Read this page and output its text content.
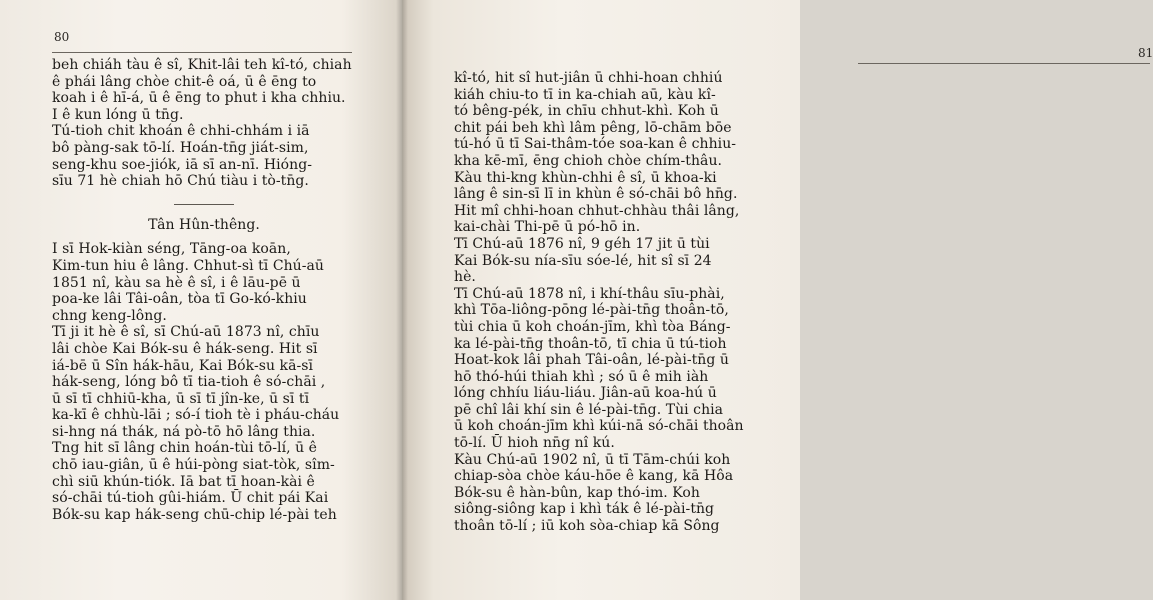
80
beh chiáh tàu ê sî, Khit-lâi teh kî-tó, chiah
ê phái lâng chòe chit-ê oá, ū ê ēng to
koah i ê hī-á, ū ê ēng to phut i kha chhiu.
I ê kun lóng ū tn̄g.
Tú-tioh chit khoán ê chhi-chhám i iā
bô pàng-sak tō-lí. Hoán-tn̄g jiát-sim,
seng-khu soe-jiók, iā sī an-nī. Hióng-
sīu 71 hè chiah hō Chú tiàu i tò-tn̄g.
Tân Hûn-thêng.
I sī Hok-kiàn séng, Tāng-oa koān,
Kim-tun hiu ê lâng. Chhut-sì tī Chú-aū
1851 nî, kàu sa hè ê sî, i ê lāu-pē ū
poa-ke lâi Tâi-oân, tòa tī Go-kó-khiu
chng keng-lông.
Tī ji it hè ê sî, sī Chú-aū 1873 nî, chīu
lâi chòe Kai Bók-su ê hák-seng. Hit sī
iá-bē ū Sîn hák-hāu, Kai Bók-su kā-sī
hák-seng, lóng bô tī tia-tioh ê só-chāi ,
ū sī tī chhiū-kha, ū sī tī jîn-ke, ū sī tī
ka-kī ê chhù-lāi ; só-í tioh tè i pháu-cháu
si-hng ná thák, ná pò-tō hō lâng thia.
Tng hit sī lâng chin hoán-tùi tō-lí, ū ê
chō iau-giân, ū ê húi-pòng siat-tòk, sîm-
chì siū khún-tiók. Iā bat tī hoan-kài ê
só-chāi tú-tioh gûi-hiám. Ū chit pái Kai
Bók-su kap hák-seng chū-chip lé-pài teh
81
kî-tó, hit sî hut-jiân ū chhi-hoan chhiú
kiáh chiu-to tī in ka-chiah aū, kàu kî-
tó bêng-pék, in chīu chhut-khì. Koh ū
chit pái beh khì lâm pêng, lō-chām bōe
tú-hó ū tī Sai-thâm-tóe soa-kan ê chhiu-
kha kē-mī, ēng chioh chòe chím-thâu.
Kàu thi-kng khùn-chhi ê sî, ū khoa-ki
lâng ê sin-sī lī in khùn ê só-chāi bô hn̄g.
Hit mî chhi-hoan chhut-chhàu thâi lâng,
kai-chài Thi-pē ū pó-hō in.
Tī Chú-aū 1876 nî, 9 géh 17 jit ū tùi
Kai Bók-su nía-sīu sóe-lé, hit sî sī 24
hè.
Tī Chú-aū 1878 nî, i khí-thâu sīu-phài,
khì Tōa-liông-pōng lé-pài-tn̄g thoân-tō,
tùi chia ū koh choán-jīm, khì tòa Báng-
ka lé-pài-tn̄g thoân-tō, tī chia ū tú-tioh
Hoat-kok lâi phah Tâi-oân, lé-pài-tn̄g ū
hō thó-húi thiah khì ; só ū ê mih iàh
lóng chhíu liáu-liáu. Jiân-aū koa-hú ū
pē chî lâi khí sin ê lé-pài-tn̄g. Tùi chia
ū koh choán-jīm khì kúi-nā só-chāi thoân
tō-lí. Ū hioh nn̄g nî kú.
Kàu Chú-aū 1902 nî, ū tī Tām-chúi koh
chiap-sòa chòe káu-hōe ê kang, kā Hôa
Bók-su ê hàn-bûn, kap thó-im. Koh
siông-siông kap i khì ták ê lé-pài-tn̄g
thoân tō-lí ; iū koh sòa-chiap kā Sông
